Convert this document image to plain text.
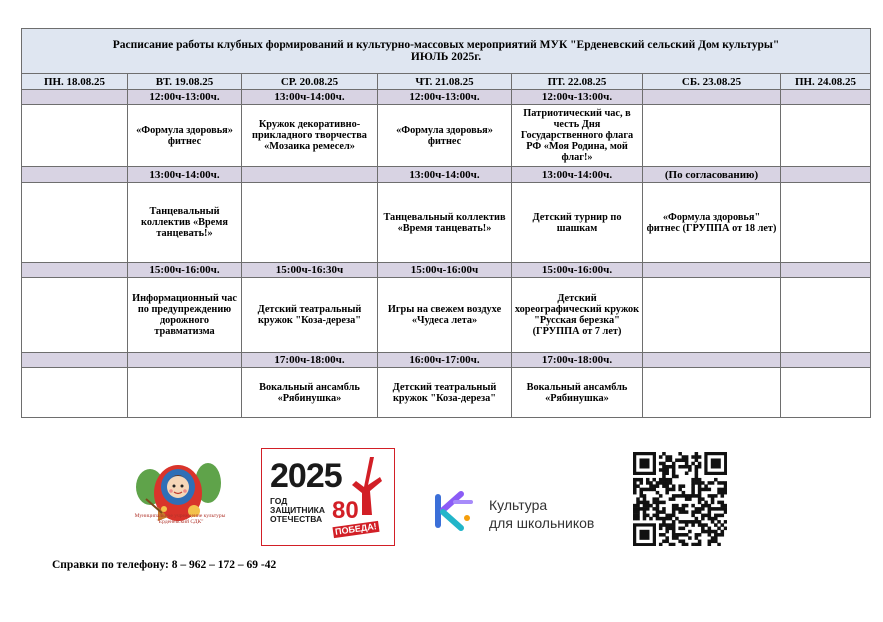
Расписание работы клубных формирований и культурно-массовых мероприятий МУК "Ерденевский сельский Дом культуры"
ИЮЛЬ 2025г.						

ПН. 18.08.25	ВТ. 19.08.25	СР. 20.08.25	ЧТ. 21.08.25	ПТ. 22.08.25	СБ. 23.08.25	ПН. 24.08.25
	12:00ч-13:00ч.	13:00ч-14:00ч.	12:00ч-13:00ч.	12:00ч-13:00ч.		
	«Формула здоровья» фитнес	Кружок декоративно-прикладного творчества «Мозаика ремесел»	«Формула здоровья» фитнес	Патриотический час, в честь Дня Государственного флага РФ «Моя Родина, мой флаг!»		
	13:00ч-14:00ч.		13:00ч-14:00ч.	13:00ч-14:00ч.	(По согласованию)	
	Танцевальный коллектив «Время танцевать!»		Танцевальный коллектив «Время танцевать!»	Детский турнир по шашкам	«Формула здоровья" фитнес (ГРУППА от 18 лет)	
	15:00ч-16:00ч.	15:00ч-16:30ч	15:00ч-16:00ч	15:00ч-16:00ч.		
	Информационный час по предупреждению дорожного травматизма	Детский театральный кружок "Коза-дереза"	Игры на свежем воздухе «Чудеса лета»	Детский хореографический кружок "Русская березка" (ГРУППА от 7 лет)		
		17:00ч-18:00ч.	16:00ч-17:00ч.	17:00ч-18:00ч.		
		Вокальный ансамбль «Рябинушка»	Детский театральный кружок "Коза-дереза"	Вокальный ансамбль «Рябинушка»		
Муниципальное учреждение культуры
"Ерденевский СДК"
2025
ГОД ЗАЩИТНИКА ОТЕЧЕСТВА 80
ПОБЕДА!
Культура
для школьников
Справки по телефону: 8 – 962 – 172 – 69 -42
